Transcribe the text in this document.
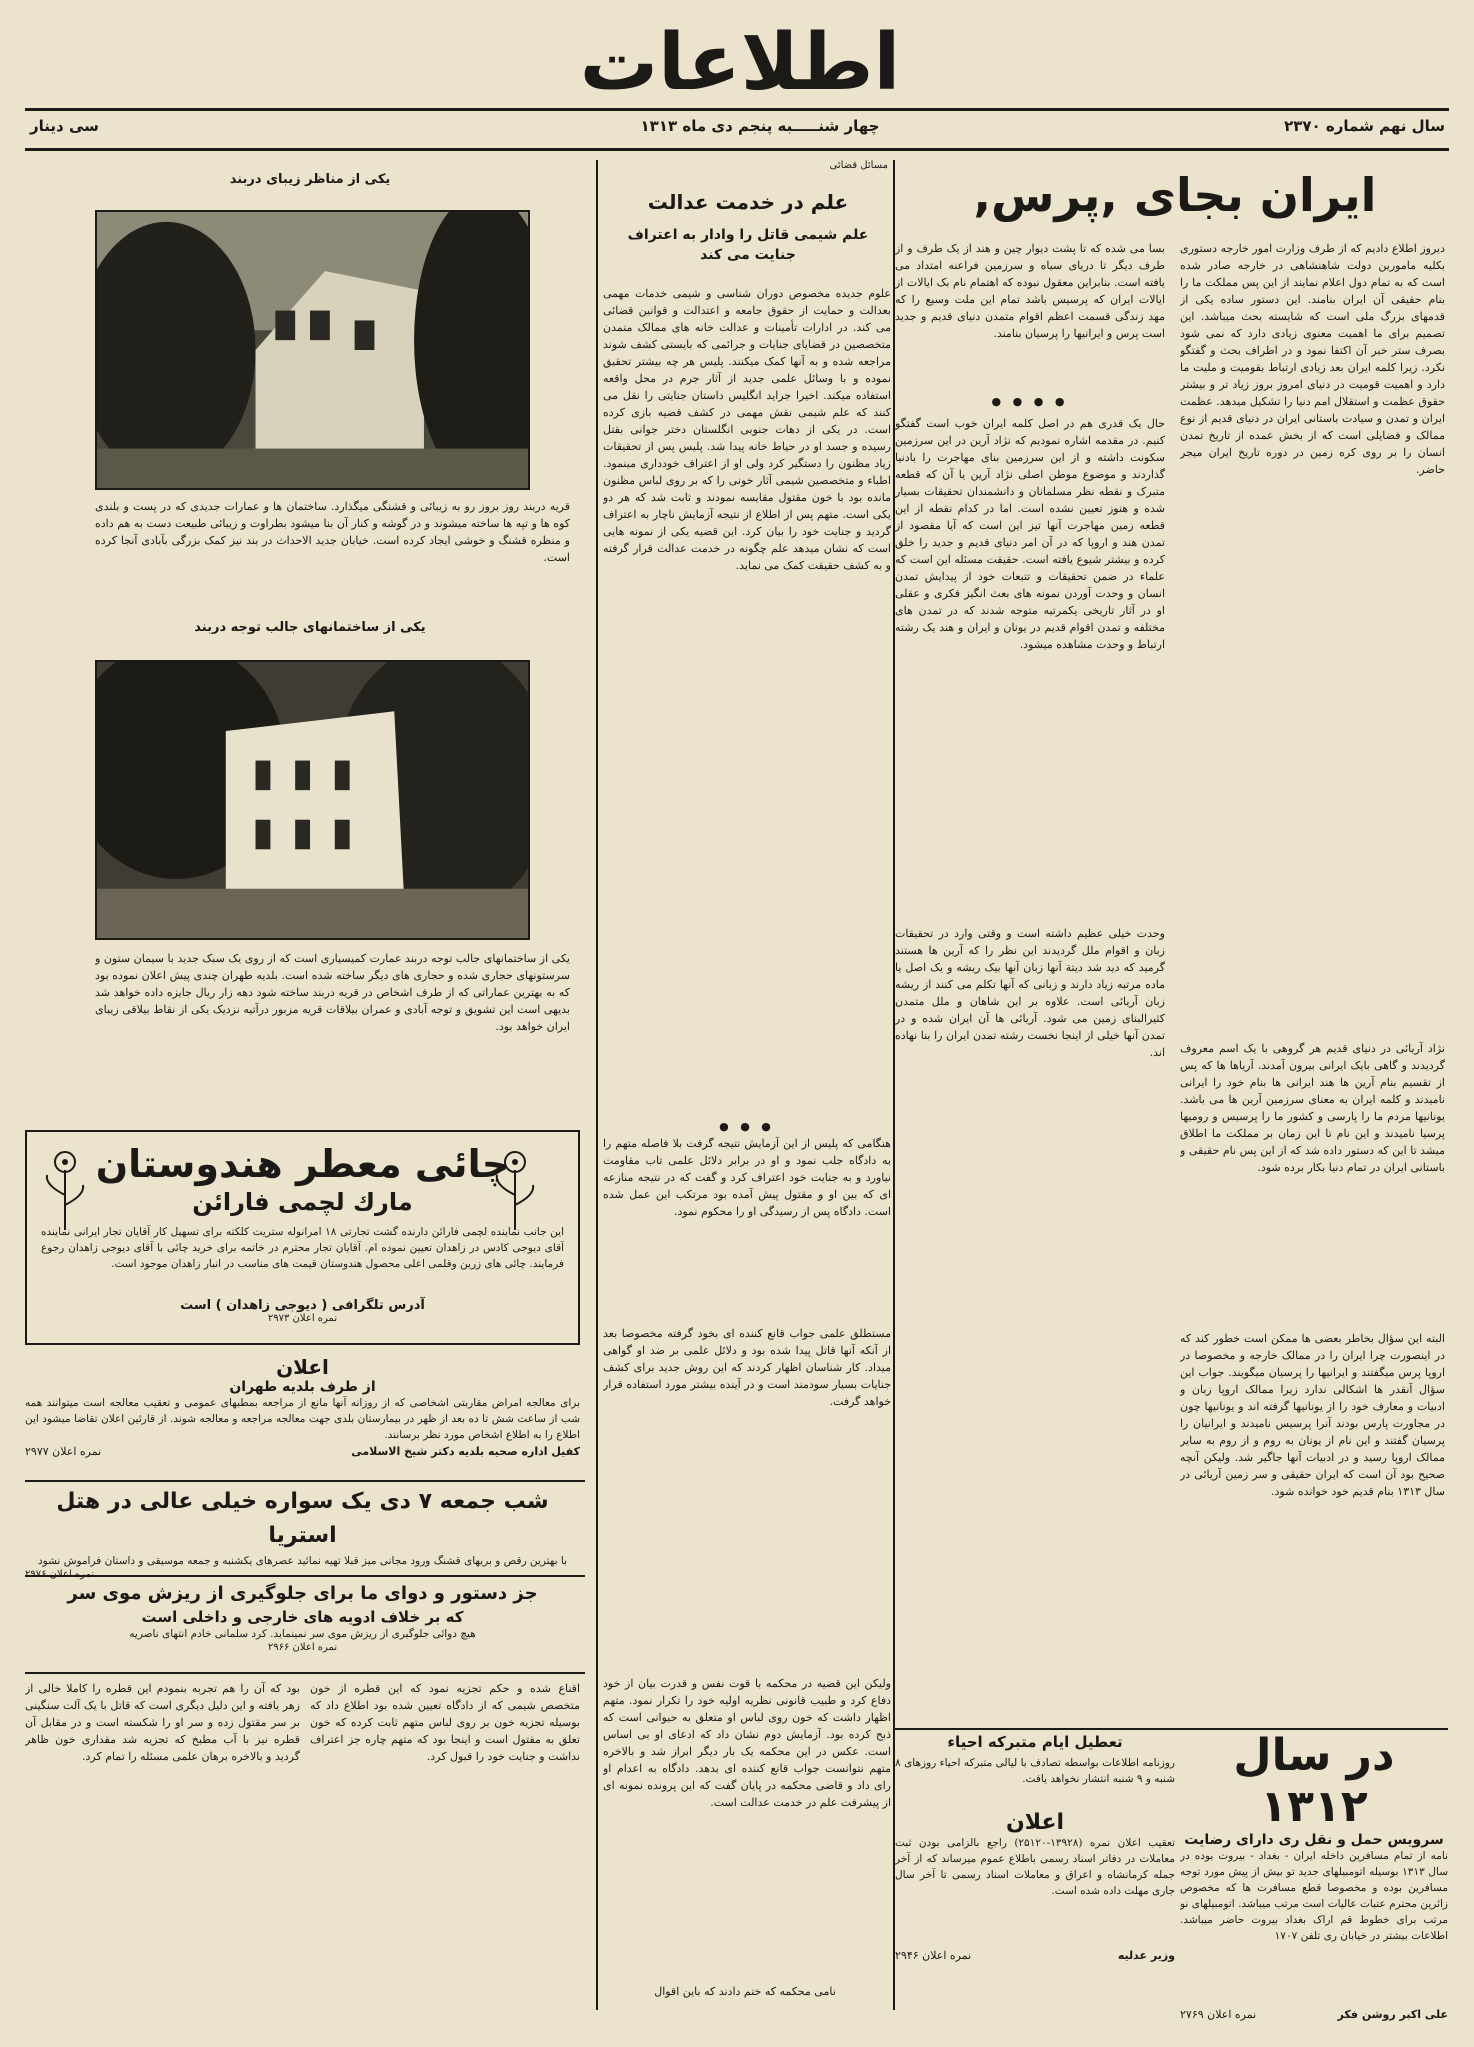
اطلاعات
سال نهم شماره ۲۳۷۰
چهار شنـــــبه پنجم دی ماه ۱۳۱۳
سی دینار
ایران بجای ,پرس,
دیروز اطلاع دادیم که از طرف وزارت امور خارجه دستوری بکلیه مامورین دولت شاهنشاهی در خارجه صادر شده است که به تمام دول اعلام نمایند از این پس مملکت ما را بنام حقیقی آن ایران بنامند. این دستور ساده یکی از قدمهای بزرگ ملی است که شایسته بحث میباشد. این تصمیم برای ما اهمیت معنوی زیادی دارد که نمی شود بصرف ستر خبر آن اکتفا نمود و در اطراف بحث و گفتگو نکرد. زیرا کلمه ایران بعد زیادی ارتباط بقومیت و ملیت ما دارد و اهمیت قومیت در دنیای امروز بروز زیاد تر و بیشتر حقوق عظمت و استقلال امم دنیا را تشکیل میدهد. عظمت ایران و تمدن و سیادت باستانی ایران در دنیای قدیم از نوع ممالک و فضایلی است که از بخش عمده از تاریخ تمدن انسان را بر روی کره زمین در دوره تاریخ ایران میجر حاضر.
نژاد آریائی در دنیای قدیم هر گروهی با یک اسم معروف گردیدند و گاهی بایک ایرانی بیرون آمدند. آریاها ها که پس از تقسیم بنام آرین ها هند ایرانی ها بنام خود را ایرانی نامیدند و کلمه ایران به معنای سرزمین آرین ها می باشد. یونانیها مردم ما را پارسی و کشور ما را پرسیس و رومیها پرسیا نامیدند و این نام تا این زمان بر مملکت ما اطلاق میشد تا این که دستور داده شد که از این پس نام حقیقی و باستانی ایران در تمام دنیا بکار برده شود.
بسا می شده که تا پشت دیوار چین و هند از یک طرف و از طرف دیگر تا دریای سیاه و سرزمین فراعنه امتداد می یافته است. بنابراین معقول نبوده که اهتمام نام بک ایالات از ایالات ایران که پرسیس باشد تمام این ملت وسیع را که مهد زندگی قسمت اعظم اقوام متمدن دنیای قدیم و جدید است پرس و ایرانیها را پرسیان بنامند.
● ● ● ●
حال یک قدری هم در اصل کلمه ایران خوب است گفتگو کنیم. در مقدمه اشاره نمودیم که نژاد آرین در این سرزمین سکونت داشته و از این سرزمین بنای مهاجرت را بادنیا گذاردند و موضوع موطن اصلی نژاد آرین یا آن که قطعه متبرک و نقطه نظر مسلمانان و دانشمندان تحقیقات بسیار شده و هنوز تعیین نشده است. اما در کدام نقطه از این قطعه زمین مهاجرت آنها تیز این است که آیا مقصود از تمدن هند و اروپا که در آن امر دنیای قدیم و جدید را خلق کرده و بیشتر شیوع یافته است. حقیقت مسئله این است که علماء در ضمن تحقیقات و تتبعات خود از پیدایش تمدن انسان و وحدت آوردن نمونه های بعث انگیز فکری و عقلی او در آثار تاریخی یکمرتبه متوجه شدند که در تمدن های مختلفه و تمدن اقوام قدیم در یونان و ایران و هند یک رشته ارتباط و وحدت مشاهده میشود.
وحدت خیلی عظیم داشته است و وقتی وارد در تحقیقات زبان و اقوام ملل گردیدند این نظر را که آرین ها هستند گرمید که دید شد دیتة آنها زبان آنها بیک ریشه و یک اصل یا ماده مرتبه زیاد دارند و زبانی که آنها تکلم می کنند از ریشه زبان آریائی است. علاوه بر این شاهان و ملل متمدن کثیرالبنای زمین می شود. آریائی ها آن ایران شده و در تمدن آنها خیلی از اینجا نخست رشته تمدن ایران را بنا نهاده اند.
البته این سؤال بخاطر بعضی ها ممکن است خطور کند که در اینصورت چرا ایران را در ممالک خارجه و مخصوصا در اروپا پرس میگفتند و ایرانیها را پرسیان میگویند. جواب این سؤال آنقدر ها اشکالی ندارد زیرا ممالک اروپا زبان و ادبیات و معارف خود را از یونانیها گرفته اند و یونانیها چون در مجاورت پارس بودند آنرا پرسیس نامیدند و ایرانیان را پرسیان گفتند و این نام از یونان به روم و از روم به سایر ممالک اروپا رسید و در ادبیات آنها جاگیر شد. ولیکن آنچه صحیح بود آن است که ایران حقیقی و سر زمین آریائی در سال ۱۳۱۳ بنام قدیم خود خوانده شود.
مسائل قضائی
علم در خدمت عدالت
علم شیمی قاتل را وادار به اعتراف جنایت می کند
علوم جدیده مخصوص دوران شناسی و شیمی خدمات مهمی بعدالت و حمایت از حقوق جامعه و اعتدالت و قوانین قضائی می کند. در ادارات تأمینات و عدالت خانه های ممالک متمدن متخصصین در قضایای جنایات و جرائمی که بایستی کشف شوند مراجعه شده و به آنها کمک میکنند. پلیس هر چه بیشتر تحقیق نموده و با وسائل علمی جدید از آثار جرم در محل واقعه استفاده میکند. اخیرا جراید انگلیس داستان جنایتی را نقل می کنند که علم شیمی نقش مهمی در کشف قضیه بازی کرده است. در یکی از دهات جنوبی انگلستان دختر جوانی بقتل رسیده و جسد او در حیاط خانه پیدا شد. پلیس پس از تحقیقات زیاد مظنون را دستگیر کرد ولی او از اعتراف خودداری مینمود. اطباء و متخصصین شیمی آثار خونی را که بر روی لباس مظنون مانده بود با خون مقتول مقایسه نمودند و ثابت شد که هر دو یکی است. متهم پس از اطلاع از نتیجه آزمایش ناچار به اعتراف گردید و جنایت خود را بیان کرد. این قضیه یکی از نمونه هایی است که نشان میدهد علم چگونه در خدمت عدالت قرار گرفته و به کشف حقیقت کمک می نماید.
● ● ●
هنگامی که پلیس از این آزمایش نتیجه گرفت بلا فاصله متهم را به دادگاه جلب نمود و او در برابر دلائل علمی تاب مقاومت نیاورد و به جنایت خود اعتراف کرد و گفت که در نتیجه منازعه ای که بین او و مقتول پیش آمده بود مرتکب این عمل شده است. دادگاه پس از رسیدگی او را محکوم نمود.
مستطلق علمی جواب قانع کننده ای بخود گرفته مخصوصا بعد از آنکه آنها قاتل پیدا شده بود و دلائل علمی بر ضد او گواهی میداد. کار شناسان اظهار کردند که این روش جدید برای کشف جنایات بسیار سودمند است و در آینده بیشتر مورد استفاده قرار خواهد گرفت.
ولیکن این قضیه در محکمه با قوت نفس و قدرت بیان از خود دفاع کرد و طبیب قانونی نظریه اولیه خود را تکرار نمود. متهم اظهار داشت که خون روی لباس او متعلق به حیوانی است که ذبح کرده بود. آزمایش دوم نشان داد که ادعای او بی اساس است. عکس در این محکمه یک بار دیگر ابراز شد و بالاخره متهم نتوانست جواب قانع کننده ای بدهد. دادگاه به اعدام او رای داد و قاضی محکمه در پایان گفت که این پرونده نمونه ای از پیشرفت علم در خدمت عدالت است.
یکی از مناظر زیبای دربند
قریه دربند روز بروز رو به زیبائی و قشنگی میگذارد. ساختمان ها و عمارات جدیدی که در پست و بلندی کوه ها و تپه ها ساخته میشوند و در گوشه و کنار آن بنا میشود بطراوت و زیبائی طبیعت دست به هم داده و منظره قشنگ و خوشی ایجاد کرده است. خیابان جدید الاحداث در بند نیز کمک بزرگی بآبادی آنجا کرده است.
یکی از ساختمانهای جالب توجه دربند
یکی از ساختمانهای جالب توجه دربند عمارت کمیسیاری است که از روی یک سبک جدید با سیمان ستون و سرستونهای حجاری شده و حجاری های دیگر ساخته شده است. بلدیه طهران چندی پیش اعلان نموده بود که به بهترین عماراتی که از طرف اشخاص در قریه دربند ساخته شود دهه زار ریال جایزه داده خواهد شد بدیهی است این تشویق و توجه آبادی و عمران بیلاقات قریه مزبور درآتیه نزدیک یکی از نقاط بیلاقی زیبای ایران خواهد بود.
چائی معطر هندوستان
مارك لچمی فارائن
این جانب نماینده لچمی فارائن دارنده گشت تجارتی ۱۸ امرانوله ستریت کلکته برای تسهیل کار آقایان تجار ایرانی نماینده آقای دیوجی کادس در زاهدان تعیین نموده ام. آقایان تجار محترم در خاتمه برای خرید چائی با آقای دیوجی زاهدان رجوع فرمایند. چائی های زرین وقلمی اعلی محصول هندوستان قیمت های مناسب در انبار زاهدان موجود است.
آدرس تلگرافی ( دیوجی زاهدان ) است
نمره اعلان ۲۹۷۳
اعلان
از طرف بلدیه طهران
برای معالجه امراض مقاربتی اشخاصی که از روزانه آنها مانع از مراجعه بمطبهای عمومی و تعقیب معالجه است میتوانند همه شب از ساعت شش تا ده بعد از ظهر در بیمارستان بلدی جهت معالجه مراجعه و معالجه شوند. از قارئین اعلان تقاضا میشود این اطلاع را به اطلاع اشخاص مورد نظر برسانند.
کفیل اداره صحیه بلدیه دکتر شیخ الاسلامی
نمره اعلان ۲۹۷۷
شب جمعه ۷ دی یک سواره خیلی عالی در هتل استریا
با بهترین رقص و بریهای قشنگ ورود مجانی میز قبلا تهیه نمائید عصرهای یکشنبه و جمعه موسیقی و داستان فراموش نشود
جز دستور و دوای ما برای جلوگیری از ریزش موی سر
که بر خلاف ادویه های خارجی و داخلی است
هیچ دوائی جلوگیری از ریزش موی سر نمینماید. کرد سلمانی خادم انتهای ناصریه
نمره اعلان ۲۹۶۶
اقناع شده و حکم تجزیه نمود که این قطره از خون متخصص شیمی که از دادگاه تعیین شده بود اطلاع داد که بوسیله تجزیه خون بر روی لباس متهم ثابت کرده که خون تعلق به مقتول است و اینجا بود که متهم چاره جز اعتراف نداشت و جنایت خود را قبول کرد.
بود که آن را هم تجربه بنمودم این قطره را کاملا خالی از زهر یافته و این دلیل دیگری است که قاتل با یک آلت سنگینی بر سر مقتول زده و سر او را شکسته است و در مقابل آن قطره نیز با آب مطبخ که تجزیه شد مقداری خون ظاهر گردید و بالاخره برهان علمی مسئله را تمام کرد.
تعطیل ایام متبرکه احیاء
روزنامه اطلاعات بواسطه تصادف با لیالی متبرکه احیاء روزهای ۸ شنبه و ۹ شنبه انتشار نخواهد یافت.
اعلان
تعقیب اعلان نمره (۱۳۹۲۸-۲۵۱۲۰) راجع بالزامی بودن ثبت معاملات در دفاتر اسناد رسمی باطلاع عموم میرساند که از آخر جمله کرمانشاه و اعراق و معاملات اسناد رسمی تا آخر سال جاری مهلت داده شده است.
وزیر عدلیه
نمره اعلان ۲۹۴۶
در سال ۱۳۱۲
سرویس حمل و نقل ری دارای رضایت
نامه از تمام مسافرین داخله ایران - بغداد - بیروت بوده در سال ۱۳۱۳ بوسیله اتومبیلهای جدید تو بیش از پیش مورد توجه مسافرین بوده و مخصوصا قطع مسافرت ها که مخصوص زائرین محترم عتبات عالیات است مرتب میباشد. اتومبیلهای نو مرتب برای خطوط قم اراک بغداد بیروت حاضر میباشد. اطلاعات بیشتر در خیابان ری تلفن ۱۷۰۷
علی اکبر روشن فکر
نمره اعلان ۲۷۶۹
نامی محکمه که ختم دادند که باین اقوال
